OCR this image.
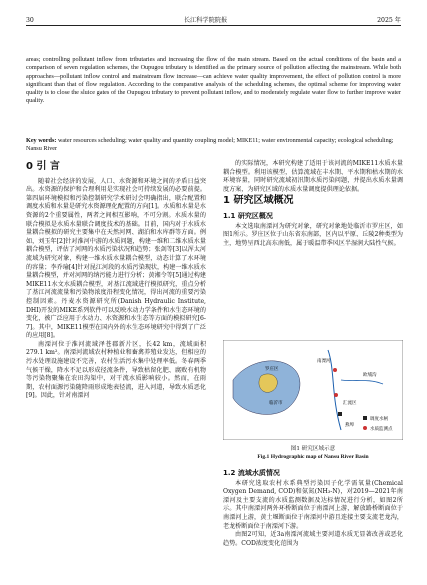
30	长江科学院院报	2025 年
areas; controlling pollutant inflow from tributaries and increasing the flow of the main stream. Based on the actual conditions of the basin and a comparison of seven regulation schemes, the Oupugou tributary is identified as the primary source of pollution affecting the mainstream. While both approaches—pollutant inflow control and mainstream flow increase—can achieve water quality improvement, the effect of pollution control is more significant than that of flow regulation. According to the comparative analysis of the scheduling schemes, the optimal scheme for improving water quality is to close the sluice gates of the Oupugou tributary to prevent pollutant inflow, and to moderately regulate water flow to further improve water quality.
Key words: water resources scheduling; water quality and quantity coupling model; MIKE11; water environmental capacity; ecological scheduling; Nansu River
0 引 言

随着社会经济的发展，人口、水资源和环境之间的矛盾日益突出。水资源的保护和合理利用是实现社会可持续发展的必要前提。第四届环境模拟和污染控制研究学术研讨会明确指出，联合配置和调度水质和水量是研究水资源理化配置的方向[1]。水质和水量是水资源的2个重要属性，两者之间相互影响，不可分割。水质水量的联合模拟是水质水量联合调度技术的基础。目前，国内对于水质水量耦合模拟的研究主要集中在天然河网、湖泊和水库群等方面。例如，刘玉年[2]针对淮河中游的水质问题，构建一维和二维水质水量耦合模型，评估了河网的水质污染状况和趋势；张剑等[3]以浑太河流域为研究对象，构建一维水质水量耦合模型，动态计算了水环境的容量；李乔瑜[4]针对昆江河段的水质污染现状，构建一维水质水量耦合模型，并对河网的纳污能力进行分析；黄湘令等[5]通过构建MIKE11水文水质耦合模型，对基江流域进行模拟研究，重点分析了基江河流流量和污染物浓度沿程变化情况，得出河流的重要污染控制因素。丹麦水资源研究所(Danish Hydraulic Institute, DHI)开发的MIKE系列软件可以反映水动力学条件和水生态环境的变化，被广泛应用于水动力、水资源和水生态等方面的模拟研究[6-7]。其中，MIKE11模型在国内外的水生态环境研究中得到了广泛的应用[8]。

南溧河位于淮河流域泽苍郡新片区，长42 km，流域面积279.1 km²。南溧河流域农村种植业和畜禽养殖业发达，但相应的污水处理设施建设不完善，农村生活污水集中处理率低。冬春两季气候干燥，降水不足以形成径流条件，导致枯留化肥、腐败有机物等污染物聚集在农田沟渠中，对干流水质影响较小。然而，在雨期，农村面源污染随降雨形成地表径流，进入河道，导致水质恶化[9]。因此，针对南溧河

的实际情况，本研究构建了适用于该河流的MIKE11水质水量耦合模型。利用该模型，估算流域在丰水期、平水期和枯水期的水环境容量，同时研究流域初汛期水质污染问题，并提出水质水量调度方案，为研究区域的水质水量调度提供理论依据。

1 研究区域概况
1.1 研究区概况

本文选取南溧河为研究对象，研究对象地处临沂市罗庄区，如图1所示。罗庄区位于山东省东南部，区内以平原、丘陵2种类型为主，地势呈西北高东南低，属于暖温带季风区半湿润大陆性气候。

临沂市
罗庄区
南溧河
欧埔沟
汇流区
燕埠
调度水闸
水质监测点
图1 研究区域示意
Fig.1 Hydrographic map of Nansu River Basin
1.2 流域水质情况

本研究选取农村水系典型污染因子化学需氧量(Chemical Oxygen Demand, COD)和氨氮(NH₃-N)，对2019—2021年南溧河及主要支流的水质监测数据及达标情况进行分析，如图2所示。其中南溧河两外环桥断面位于南溧河上游，解放路桥断面位于南溧河上游，黄土堰断面位于南溧河中游且连接主要支流老龙沟，老龙桥断面位于南溧河下游。

由图2可知，近3a南溧河流域主要河道水质无显著改善或恶化趋势。COD浓度变化范围为
